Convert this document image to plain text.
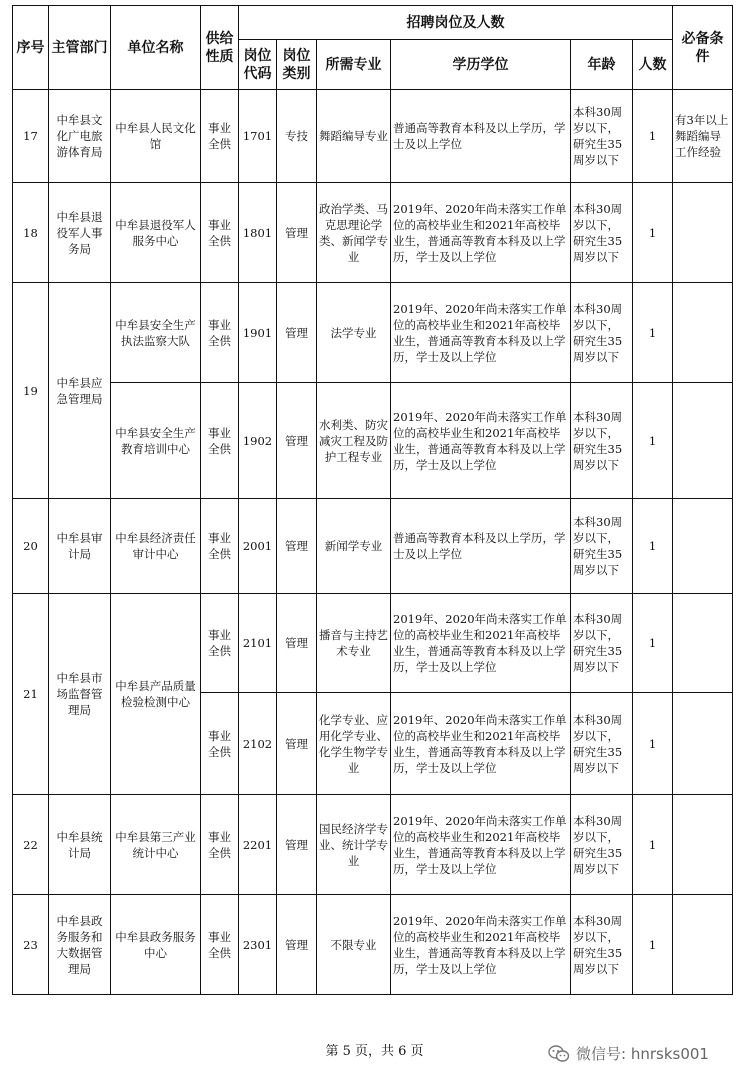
序号	主管部门	单位名称	供给性质	招聘岗位及人数						必备条件
				岗位代码	岗位类别	所需专业	学历学位	年龄	人数	
17	中牟县文化广电旅游体育局	中牟县人民文化馆	事业全供	1701	专技	舞蹈编导专业	普通高等教育本科及以上学历，学士及以上学位	本科30周岁以下，研究生35周岁以下	1	有3年以上舞蹈编导工作经验
18	中牟县退役军人事务局	中牟县退役军人服务中心	事业全供	1801	管理	政治学类、马克思理论学类、新闻学专业	2019年、2020年尚未落实工作单位的高校毕业生和2021年高校毕业生，普通高等教育本科及以上学历，学士及以上学位	本科30周岁以下，研究生35周岁以下	1	
19	中牟县应急管理局	中牟县安全生产执法监察大队	事业全供	1901	管理	法学专业	2019年、2020年尚未落实工作单位的高校毕业生和2021年高校毕业生，普通高等教育本科及以上学历，学士及以上学位	本科30周岁以下，研究生35周岁以下	1	
		中牟县安全生产教育培训中心	事业全供	1902	管理	水利类、防灾减灾工程及防护工程专业	2019年、2020年尚未落实工作单位的高校毕业生和2021年高校毕业生，普通高等教育本科及以上学历，学士及以上学位	本科30周岁以下，研究生35周岁以下	1	
20	中牟县审计局	中牟县经济责任审计中心	事业全供	2001	管理	新闻学专业	普通高等教育本科及以上学历，学士及以上学位	本科30周岁以下，研究生35周岁以下	1	
21	中牟县市场监督管理局	中牟县产品质量检验检测中心	事业全供	2101	管理	播音与主持艺术专业	2019年、2020年尚未落实工作单位的高校毕业生和2021年高校毕业生，普通高等教育本科及以上学历，学士及以上学位	本科30周岁以下，研究生35周岁以下	1	
			事业全供	2102	管理	化学专业、应用化学专业、化学生物学专业	2019年、2020年尚未落实工作单位的高校毕业生和2021年高校毕业生，普通高等教育本科及以上学历，学士及以上学位	本科30周岁以下，研究生35周岁以下	1	
22	中牟县统计局	中牟县第三产业统计中心	事业全供	2201	管理	国民经济学专业、统计学专业	2019年、2020年尚未落实工作单位的高校毕业生和2021年高校毕业生，普通高等教育本科及以上学历，学士及以上学位	本科30周岁以下，研究生35周岁以下	1	
23	中牟县政务服务和大数据管理局	中牟县政务服务中心	事业全供	2301	管理	不限专业	2019年、2020年尚未落实工作单位的高校毕业生和2021年高校毕业生，普通高等教育本科及以上学历，学士及以上学位	本科30周岁以下，研究生35周岁以下	1	
第 5 页，共 6 页	微信号: hnrsks001
